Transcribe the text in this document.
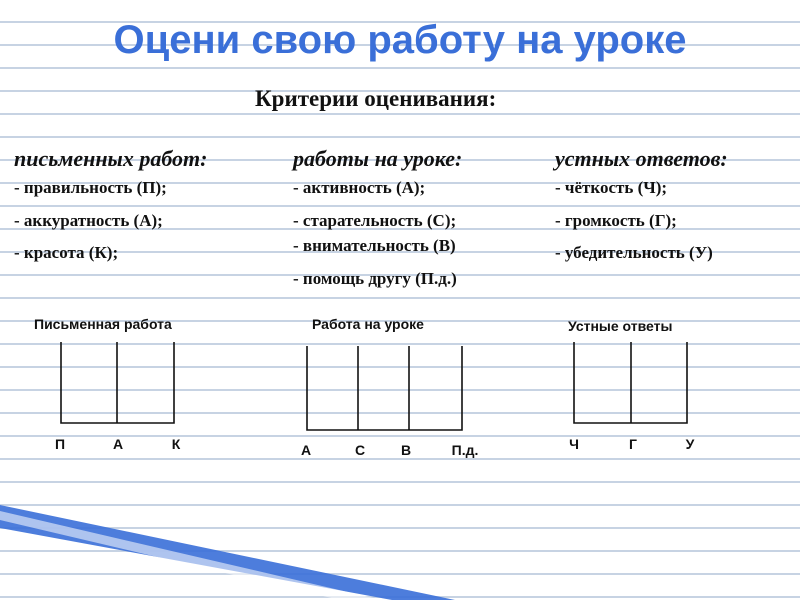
Оцени свою работу на уроке
Критерии оценивания:
письменных работ:
- правильность (П);
- аккуратность (А);
- красота (К);
работы на уроке:
- активность (А);
- старательность (С);
- внимательность (В)
- помощь другу (П.д.)
устных ответов:
- чёткость (Ч);
- громкость (Г);
- убедительность (У)
Письменная работа	Работа на уроке	Устные ответы
П	А	К	А	С	В	П.д.	Ч	Г	У
